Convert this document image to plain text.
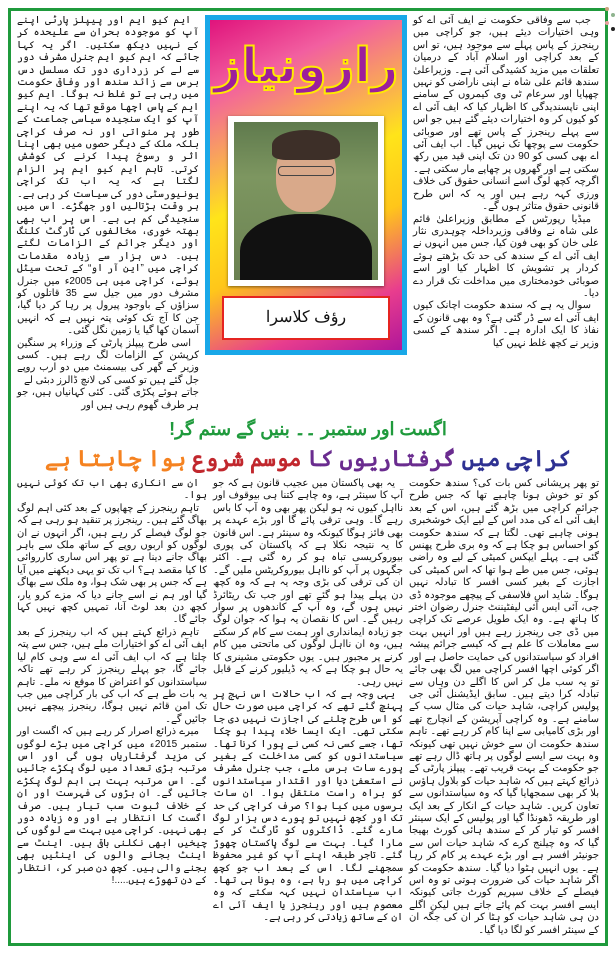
جب سے وفاقی حکومت نے ایف آئی اے کو وہی اختیارات دیئے ہیں، جو کراچی میں رینجرز کے پاس پہلے سے موجود ہیں، تو اس کے بعد کراچی اور اسلام آباد کے درمیان تعلقات میں مزید کشیدگی آئی ہے۔ وزیراعلیٰ سندھ قائم علی شاہ نے اپنی ناراضی کو نہیں چھپایا اور سرعام ٹی وی کیمروں کے سامنے اپنی ناپسندیدگی کا اظہار کیا کہ ایف آئی اے کو کیوں کر وہ اختیارات دیئے گئے ہیں جو اس سے پہلے رینجرز کے پاس تھے اور صوبائی حکومت سے پوچھا تک نہیں گیا۔ اب ایف آئی اے بھی کسی کو 90 دن تک اپنی قید میں رکھ سکتی ہے اور گھروں پر چھاپے مار سکتی ہے۔ اگرچہ کچھ لوگ اسے انسانی حقوق کی خلاف ورزی کہہ رہے ہیں اور یہ کہ اس طرح قانونی حقوق متاثر ہوں گے۔

میڈیا رپورٹس کے مطابق وزیراعلیٰ قائم علی شاہ نے وفاقی وزیرداخلہ چوہدری نثار علی خان کو بھی فون کیا، جس میں انہوں نے ایف آئی اے کے سندھ کی حد تک بڑھتے ہوئے کردار پر تشویش کا اظہار کیا اور اسے صوبائی خودمختاری میں مداخلت تک قرار دے دیا۔

سوال یہ ہے کہ سندھ حکومت اچانک کیوں ایف آئی اے سے ڈر گئی ہے؟ وہ بھی قانون کے نفاذ کا ایک ادارہ ہے۔ اگر سندھ کے کسی وزیر نے کچھ غلط نہیں کیا

رازونیاز
رؤف کلاسرا

ایم کیو ایم اور پیپلز پارٹی اپنے آپ کو موجودہ بحران سے علیحدہ کر کے نہیں دیکھ سکتیں۔ اگر یہ کہا جائے کہ ایم کیو ایم جنرل مشرف دور سے لے کر زرداری دور تک مسلسل دس برس سے زائد سندھ اور وفاقی حکومت میں رہی ہے تو غلط نہ ہوگا۔ ایم کیو ایم کے پاس اچھا موقع تھا کہ یہ اپنے آپ کو ایک سنجیدہ سیاسی جماعت کے طور پر منواتی اور نہ صرف کراچی بلکہ ملک کے دیگر حصوں میں بھی اپنا اثر و رسوخ پیدا کرنے کی کوشش کرتی۔ تاہم ایم کیو ایم پر الزام لگتا ہے کہ یہ اب تک کراچی یونیورسٹی دور کی سیاست کر رہی ہے۔ ہر وقت ہڑتالیں اور جھگڑے۔ اس میں سنجیدگی کم ہی ہے۔ اس پر اب بھی بھتہ خوری، مخالفوں کی ٹارگٹ کلنگ اور دیگر جرائم کے الزامات لگتے ہیں۔ دس ہزار سے زیادہ مقدمات کراچی میں ”این آر او“ کے تحت سیٹل ہوئے، کراچی میں ہی 2005ء میں جنرل مشرف دور میں جیل سے 35 قاتلوں کو سزاؤں کے باوجود پیرول پر رہا کر دیا گیا، جن کا آج تک کوئی پتہ نہیں ہے کہ انہیں آسمان کھا گیا یا زمین نگل گئی۔

اسی طرح پیپلز پارٹی کے وزراء پر سنگین کرپشن کے الزامات لگ رہے ہیں۔ کسی وزیر کے گھر کی بیسمنٹ میں دو ارب روپے جل گئے ہیں تو کسی کی لانچ ڈالرز دبئی لے

جاتے ہوئے پکڑی گئی۔ کئی کہانیاں ہیں، جو ہر طرف گھوم رہی ہیں اور

اگست اور ستمبر ۔۔ بنیں گے ستم گر!
کراچی میں گرفتاریوں کا موسم شروع ہوا چاہتا ہے

تو پھر پریشانی کس بات کی؟ سندھ حکومت کو تو خوش ہونا چاہیے تھا کہ جس طرح جرائم کراچی میں بڑھ گئے ہیں، اس کے بعد ایف آئی اے کی مدد اس کے لیے ایک خوشخبری ہونی چاہیے تھی۔ لگتا ہے کہ سندھ حکومت کو احساس ہو چکا ہے کہ وہ بری طرح پھنس گئی ہے۔ پہلے ایپکس کمیٹی کے لیے وہ راضی ہوئی، جس میں طے ہوا تھا کہ اس کمیٹی کی اجازت کے بغیر کسی افسر کا تبادلہ نہیں ہوگا۔ شاید اس فلاسفی کے پیچھے موجودہ ڈی جی، آئی ایس آئی لیفٹیننٹ جنرل رضوان اختر کا ہاتھ ہے۔ وہ ایک طویل عرصے تک کراچی میں ڈی جی رینجرز رہے ہیں اور انہیں بہت سے معاملات کا علم ہے کہ کیسے جرائم پیشہ افراد کو سیاستدانوں کی حمایت حاصل ہے اور اگر کوئی اچھا افسر کراچی میں لگ بھی جائے تو یہ سب مل کر اس کا اگلے دن وہاں سے تبادلہ کرا دیتے ہیں۔ سابق ایڈیشنل آئی جی پولیس کراچی، شاہد حیات کی مثال سب کے سامنے ہے۔ وہ کراچی آپریشن کے انچارج تھے اور بڑی کامیابی سے اپنا کام کر رہے تھے۔ تاہم سندھ حکومت ان سے خوش نہیں تھی کیونکہ وہ بہت سے ایسے لوگوں پر ہاتھ ڈال رہے تھے جو حکومت کے بہت قریب تھے۔ پیپلز پارٹی کے ذرائع کہتے ہیں کہ شاہد حیات کو بلاول ہاؤس بلا کر بھی سمجھایا گیا کہ وہ سیاستدانوں سے تعاون کریں۔ شاہد حیات کے انکار کے بعد ایک اور طریقہ ڈھونڈا گیا اور پولیس کے ایک سینئر افسر کو تیار کر کے سندھ ہائی کورٹ بھیجا گیا کہ وہ چیلنج کرے کہ شاہد حیات اس سے جونیئر افسر ہے اور بڑے عہدے پر کام کر رہا ہے۔ یوں انہیں ہٹوا دیا گیا۔ سندھ حکومت کو اگر شاہد حیات کی ضرورت ہوتی تو وہ اس فیصلے کے خلاف سپریم کورٹ جاتی کیونکہ ایسے افسر بہت کم پائے جاتے ہیں لیکن اگلے دن ہی شاہد حیات کو ہٹا کر ان کی جگہ ان کے سینئر افسر کو لگا دیا گیا۔

یہ بھی پاکستان میں عجیب قانون ہے کہ جو آپ کا سینئر ہے، وہ چاہے کتنا ہی بیوقوف اور نااہل کیوں نہ ہو لیکن پھر بھی وہ آپ کا باس رہے گا۔ وہی ترقی پائے گا اور بڑے عہدے پر بھی فائز ہوگا کیونکہ وہ سینئر ہے۔ اس قانون کا یہ نتیجہ نکلا ہے کہ پاکستان کی پوری بیوروکریسی تباہ ہو کر رہ گئی ہے۔ اکثر جگہوں پر آپ کو نااہل بیوروکریٹس ملیں گے۔ ان کی ترقی کی بڑی وجہ یہ ہے کہ وہ کچھ دن پہلے پیدا ہو گئے تھے اور جب تک ریٹائرڈ نہیں ہوں گے، وہ آپ کے کاندھوں پر سوار رہیں گے۔ اس کا نقصان یہ ہوا کہ جوان لوگ جو زیادہ ایمانداری اور ہمت سے کام کر سکتے ہیں، وہ ان نااہل لوگوں کی ماتحتی میں کام کرنے پر مجبور ہیں۔ یوں حکومتی مشینری کا یہ حال ہو چکا ہے کہ یہ ڈیلیور کرنے کے قابل نہیں رہی۔

یہی وجہ ہے کہ اب حالات اس نہج پر پہنچ گئے تھے کہ کراچی میں صورت حال کو اس طرح چلنے کی اجازت نہیں دی جا سکتی تھی۔ ایک ایسا خلاء پیدا ہو چکا تھا، جسے کسی نہ کسی نے پورا کرنا تھا۔ سیاستدانوں کو کسی مداخلت کے بغیر پورے سات برس ملے، جب جنرل مشرف نے استعفیٰ دیا اور اقتدار سیاستدانوں کو براہ راست منتقل ہوا۔ ان سات برسوں میں کیا ہوا؟ صرف کراچی کی حد تک اور کچھ نہیں تو پورے دس ہزار لوگ مارے گئے۔ ڈاکٹروں کو ٹارگٹ کر کے مارا گیا۔ بہت سے لوگ پاکستان چھوڑ گئے۔ تاجر طبقہ اپنے آپ کو غیر محفوظ سمجھنے لگا۔ اس کے بعد اب جو کچھ کراچی میں ہو رہا ہے، وہ ہونا ہی تھا۔ اب سیاستدان نہیں کہہ سکتے کہ وہ معصوم ہیں اور رینجرز یا ایف آئی اے ان کے ساتھ زیادتی کر رہی ہے۔

ان سے انکاری بھی اب تک کوئی نہیں ہوا۔

تاہم رینجرز کے چھاپوں کے بعد کئی اہم لوگ بھاگ گئے ہیں۔ رینجرز پر تنقید ہو رہی ہے کہ جو لوگ فیصلے کر رہے ہیں، اگر انہوں نے ان لوگوں کو اربوں روپے کے ساتھ ملک سے باہر بھاگ جانے دینا ہے تو پھر اس ساری کارروائی کا کیا مقصد ہے؟ اب تک تو یہی دیکھنے میں آیا ہے کہ جس پر بھی شک ہوا، وہ ملک سے بھاگ گیا اور ہم نے اسے جانے دیا کہ مزے کرو یار، کچھ دن بعد لوٹ آنا، تمہیں کچھ نہیں کہا جائے گا۔

تاہم ذرائع کہتے ہیں کہ اب رینجرز کے بعد ایف آئی اے کو اختیارات ملے ہیں، جس سے پتہ چلتا ہے کہ اب ایف آئی اے سے وہی کام لیا جائے گا، جو پہلے رینجرز کر رہے تھے تاکہ سیاستدانوں کو اعتراض کا موقع نہ ملے۔ تاہم یہ بات طے ہے کہ اب کی بار کراچی میں جب تک امن قائم نہیں ہوگا، رینجرز پیچھے نہیں جائیں گے۔

میرے ذرائع اصرار کر رہے ہیں کہ اگست اور ستمبر 2015ء میں کراچی میں بڑے لوگوں کی مزید گرفتاریاں ہوں گی اور اس مرتبہ بڑی تعداد میں لوگ پکڑے جائیں گے۔ اس مرتبہ بہت ہی اہم لوگ پکڑے جائیں گے۔ ان بڑوں کی فہرست اور ان کے خلاف ثبوت سب تیار ہیں۔ صرف اگست کا انتظار ہے اور وہ زیادہ دور بھی نہیں۔ کراچی میں بہت سے لوگوں کی چیخیں ابھی نکلنی باقی ہیں۔ اینٹ سے اینٹ بجانے والوں کی اینٹیں بھی بجنے والی ہیں۔ کچھ دن صبر کر، انتظار کے دن تھوڑے ہیں.....!
